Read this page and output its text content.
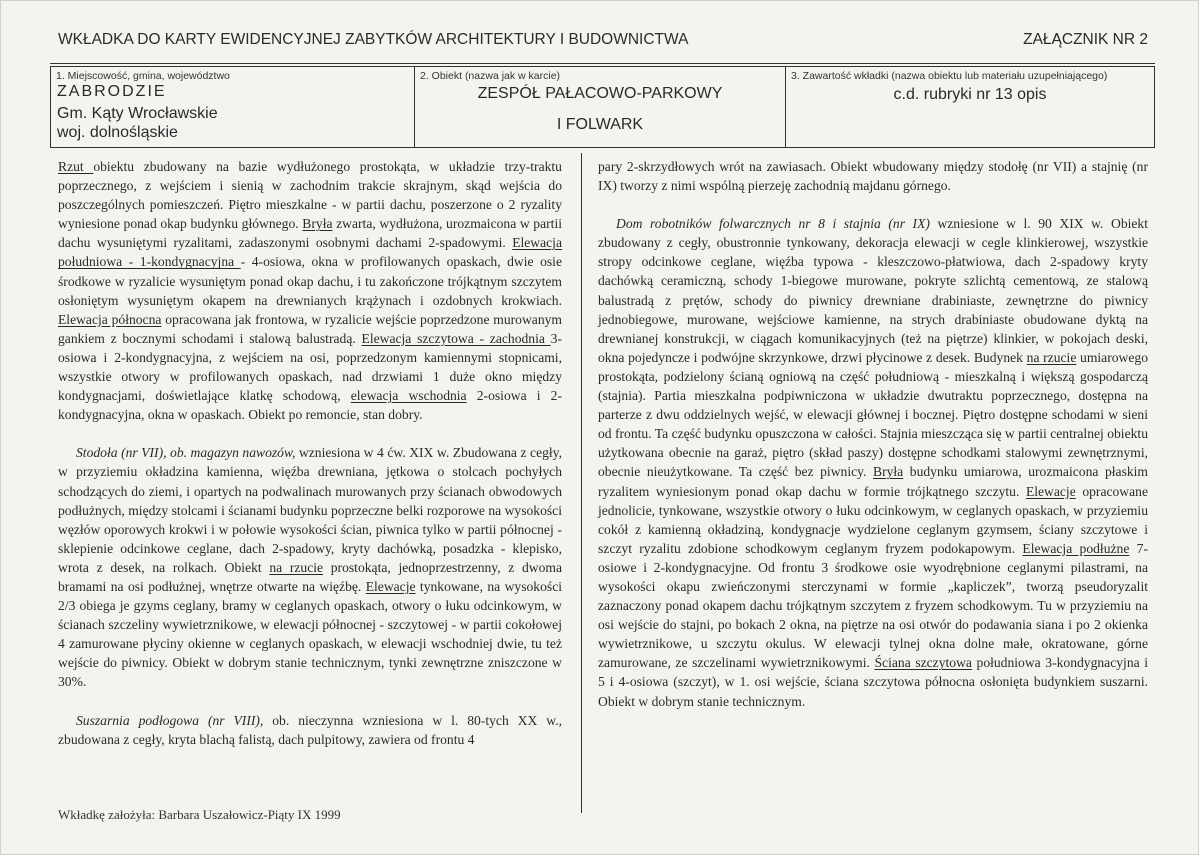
WKŁADKA DO KARTY EWIDENCYJNEJ ZABYTKÓW ARCHITEKTURY I BUDOWNICTWA	ZAŁĄCZNIK NR 2
1. Miejscowość, gmina, województwo
ZABRODZIE
Gm. Kąty Wrocławskie
woj. dolnośląskie
2. Obiekt (nazwa jak w karcie)
ZESPÓŁ PAŁACOWO-PARKOWY
I FOLWARK
3. Zawartość wkładki (nazwa obiektu lub materiału uzupełniającego)
c.d. rubryki nr 13 opis

Rzut obiektu zbudowany na bazie wydłużonego prostokąta, w układzie trzy-traktu poprzecznego, z wejściem i sienią w zachodnim trakcie skrajnym, skąd wejścia do poszczególnych pomieszczeń. Piętro mieszkalne - w partii dachu, poszerzone o 2 ryzality wyniesione ponad okap budynku głównego. Bryła zwarta, wydłużona, urozmaicona w partii dachu wysuniętymi ryzalitami, zadaszonymi osobnymi dachami 2-spadowymi. Elewacja południowa - 1-kondygnacyjna - 4-osiowa, okna w profilowanych opaskach, dwie osie środkowe w ryzalicie wysuniętym ponad okap dachu, i tu zakończone trójkątnym szczytem osłoniętym wysuniętym okapem na drewnianych krążynach i ozdobnych krokwiach. Elewacja północna opracowana jak frontowa, w ryzalicie wejście poprzedzone murowanym gankiem z bocznymi schodami i stalową balustradą. Elewacja szczytowa - zachodnia 3-osiowa i 2-kondygnacyjna, z wejściem na osi, poprzedzonym kamiennymi stopnicami, wszystkie otwory w profilowanych opaskach, nad drzwiami 1 duże okno między kondygnacjami, doświetlające klatkę schodową, elewacja wschodnia 2-osiowa i 2-kondygnacyjna, okna w opaskach. Obiekt po remoncie, stan dobry.

Stodoła (nr VII), ob. magazyn nawozów, wzniesiona w 4 ćw. XIX w. Zbudowana z cegły, w przyziemiu okładzina kamienna, więźba drewniana, jętkowa o stolcach pochyłych schodzących do ziemi, i opartych na podwalinach murowanych przy ścianach obwodowych podłużnych, między stolcami i ścianami budynku poprzeczne belki rozporowe na wysokości węzłów oporowych krokwi i w połowie wysokości ścian, piwnica tylko w partii północnej - sklepienie odcinkowe ceglane, dach 2-spadowy, kryty dachówką, posadzka - klepisko, wrota z desek, na rolkach. Obiekt na rzucie prostokąta, jednoprzestrzenny, z dwoma bramami na osi podłużnej, wnętrze otwarte na więźbę. Elewacje tynkowane, na wysokości 2/3 obiega je gzyms ceglany, bramy w ceglanych opaskach, otwory o łuku odcinkowym, w ścianach szczeliny wywietrznikowe, w elewacji północnej - szczytowej - w partii cokołowej 4 zamurowane płyciny okienne w ceglanych opaskach, w elewacji wschodniej dwie, tu też wejście do piwnicy. Obiekt w dobrym stanie technicznym, tynki zewnętrzne zniszczone w 30%.

Suszarnia podłogowa (nr VIII), ob. nieczynna wzniesiona w l. 80-tych XX w., zbudowana z cegły, kryta blachą falistą, dach pulpitowy, zawiera od frontu 4

pary 2-skrzydłowych wrót na zawiasach. Obiekt wbudowany między stodołę (nr VII) a stajnię (nr IX) tworzy z nimi wspólną pierzeję zachodnią majdanu górnego.

Dom robotników folwarcznych nr 8 i stajnia (nr IX) wzniesione w l. 90 XIX w. Obiekt zbudowany z cegły, obustronnie tynkowany, dekoracja elewacji w cegle klinkierowej, wszystkie stropy odcinkowe ceglane, więźba typowa - kleszczowo-płatwiowa, dach 2-spadowy kryty dachówką ceramiczną, schody 1-biegowe murowane, pokryte szlichtą cementową, ze stalową balustradą z prętów, schody do piwnicy drewniane drabiniaste, zewnętrzne do piwnicy jednobiegowe, murowane, wejściowe kamienne, na strych drabiniaste obudowane dyktą na drewnianej konstrukcji, w ciągach komunikacyjnych (też na piętrze) klinkier, w pokojach deski, okna pojedyncze i podwójne skrzynkowe, drzwi płycinowe z desek. Budynek na rzucie umiarowego prostokąta, podzielony ścianą ogniową na część południową - mieszkalną i większą gospodarczą (stajnia). Partia mieszkalna podpiwniczona w układzie dwutraktu poprzecznego, dostępna na parterze z dwu oddzielnych wejść, w elewacji głównej i bocznej. Piętro dostępne schodami w sieni od frontu. Ta część budynku opuszczona w całości. Stajnia mieszcząca się w partii centralnej obiektu użytkowana obecnie na garaż, piętro (skład paszy) dostępne schodkami stalowymi zewnętrznymi, obecnie nieużytkowane. Ta część bez piwnicy. Bryła budynku umiarowa, urozmaicona płaskim ryzalitem wyniesionym ponad okap dachu w formie trójkątnego szczytu. Elewacje opracowane jednolicie, tynkowane, wszystkie otwory o łuku odcinkowym, w ceglanych opaskach, w przyziemiu cokół z kamienną okładziną, kondygnacje wydzielone ceglanym gzymsem, ściany szczytowe i szczyt ryzalitu zdobione schodkowym ceglanym fryzem podokapowym. Elewacja podłużne 7-osiowe i 2-kondygnacyjne. Od frontu 3 środkowe osie wyodrębnione ceglanymi pilastrami, na wysokości okapu zwieńczonymi sterczynami w formie „kapliczek”, tworzą pseudoryzalit zaznaczony ponad okapem dachu trójkątnym szczytem z fryzem schodkowym. Tu w przyziemiu na osi wejście do stajni, po bokach 2 okna, na piętrze na osi otwór do podawania siana i po 2 okienka wywietrznikowe, u szczytu okulus. W elewacji tylnej okna dolne małe, okratowane, górne zamurowane, ze szczelinami wywietrznikowymi. Ściana szczytowa południowa 3-kondygnacyjna i 5 i 4-osiowa (szczyt), w 1. osi wejście, ściana szczytowa północna osłonięta budynkiem suszarni. Obiekt w dobrym stanie technicznym.

Wkładkę założyła: Barbara Uszałowicz-Piąty IX 1999
